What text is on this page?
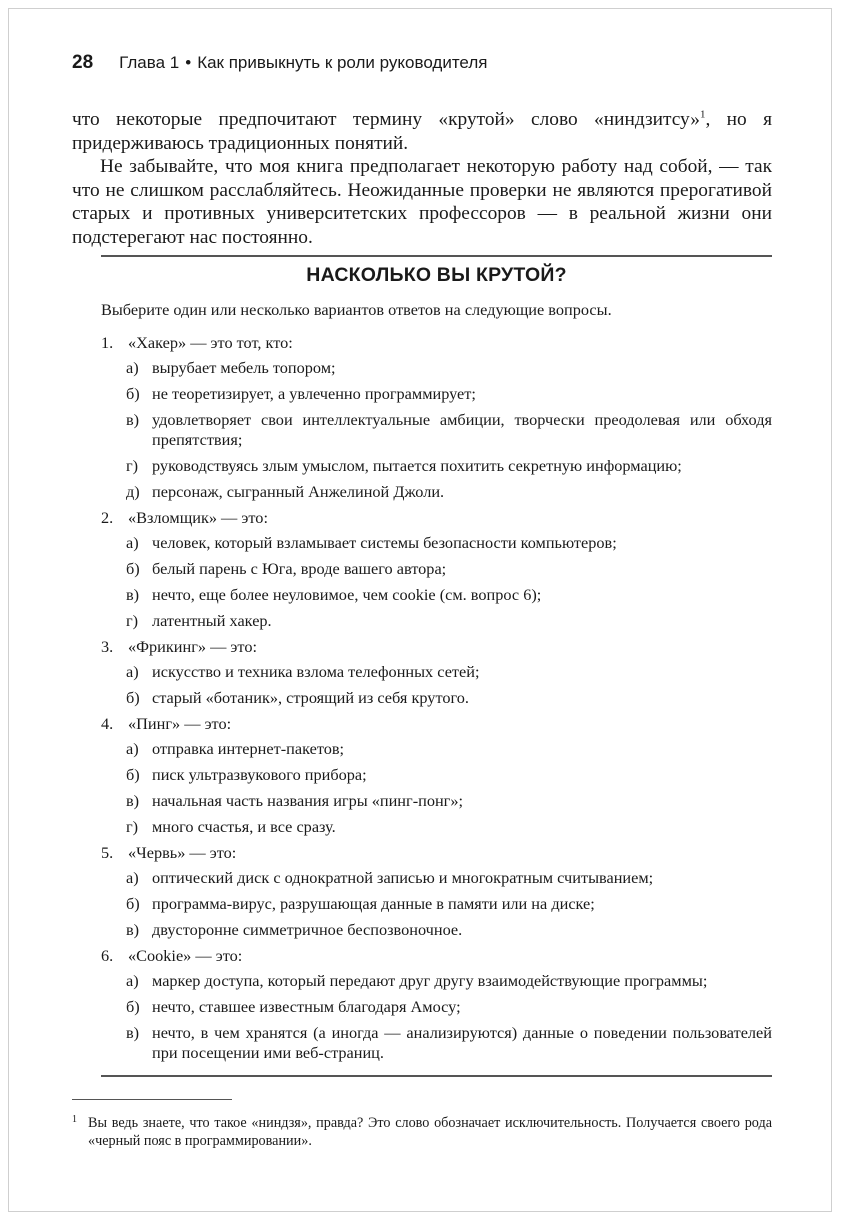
28 Глава 1 • Как привыкнуть к роли руководителя

что некоторые предпочитают термину «крутой» слово «ниндзитсу»$^1$, но я придерживаюсь традиционных понятий.

Не забывайте, что моя книга предполагает некоторую работу над собой, — так что не слишком расслабляйтесь. Неожиданные проверки не являются прерогативой старых и противных университетских профессоров — в реальной жизни они подстерегают нас постоянно.

НАСКОЛЬКО ВЫ КРУТОЙ?
Выберите один или несколько вариантов ответов на следующие вопросы.
1. «Хакер» — это тот, кто:
а) вырубает мебель топором;
б) не теоретизирует, а увлеченно программирует;
в) удовлетворяет свои интеллектуальные амбиции, творчески преодолевая или обходя препятствия;
г) руководствуясь злым умыслом, пытается похитить секретную информацию;
д) персонаж, сыгранный Анжелиной Джоли.
2. «Взломщик» — это:
а) человек, который взламывает системы безопасности компьютеров;
б) белый парень с Юга, вроде вашего автора;
в) нечто, еще более неуловимое, чем cookie (см. вопрос 6);
г) латентный хакер.
3. «Фрикинг» — это:
а) искусство и техника взлома телефонных сетей;
б) старый «ботаник», строящий из себя крутого.
4. «Пинг» — это:
а) отправка интернет-пакетов;
б) писк ультразвукового прибора;
в) начальная часть названия игры «пинг-понг»;
г) много счастья, и все сразу.
5. «Червь» — это:
а) оптический диск с однократной записью и многократным считыванием;
б) программа-вирус, разрушающая данные в памяти или на диске;
в) двусторонне симметричное беспозвоночное.
6. «Cookie» — это:
а) маркер доступа, который передают друг другу взаимодействующие программы;
б) нечто, ставшее известным благодаря Амосу;
в) нечто, в чем хранятся (а иногда — анализируются) данные о поведении пользователей при посещении ими веб-страниц.
1 Вы ведь знаете, что такое «ниндзя», правда? Это слово обозначает исключительность. Получается своего рода «черный пояс в программировании».
